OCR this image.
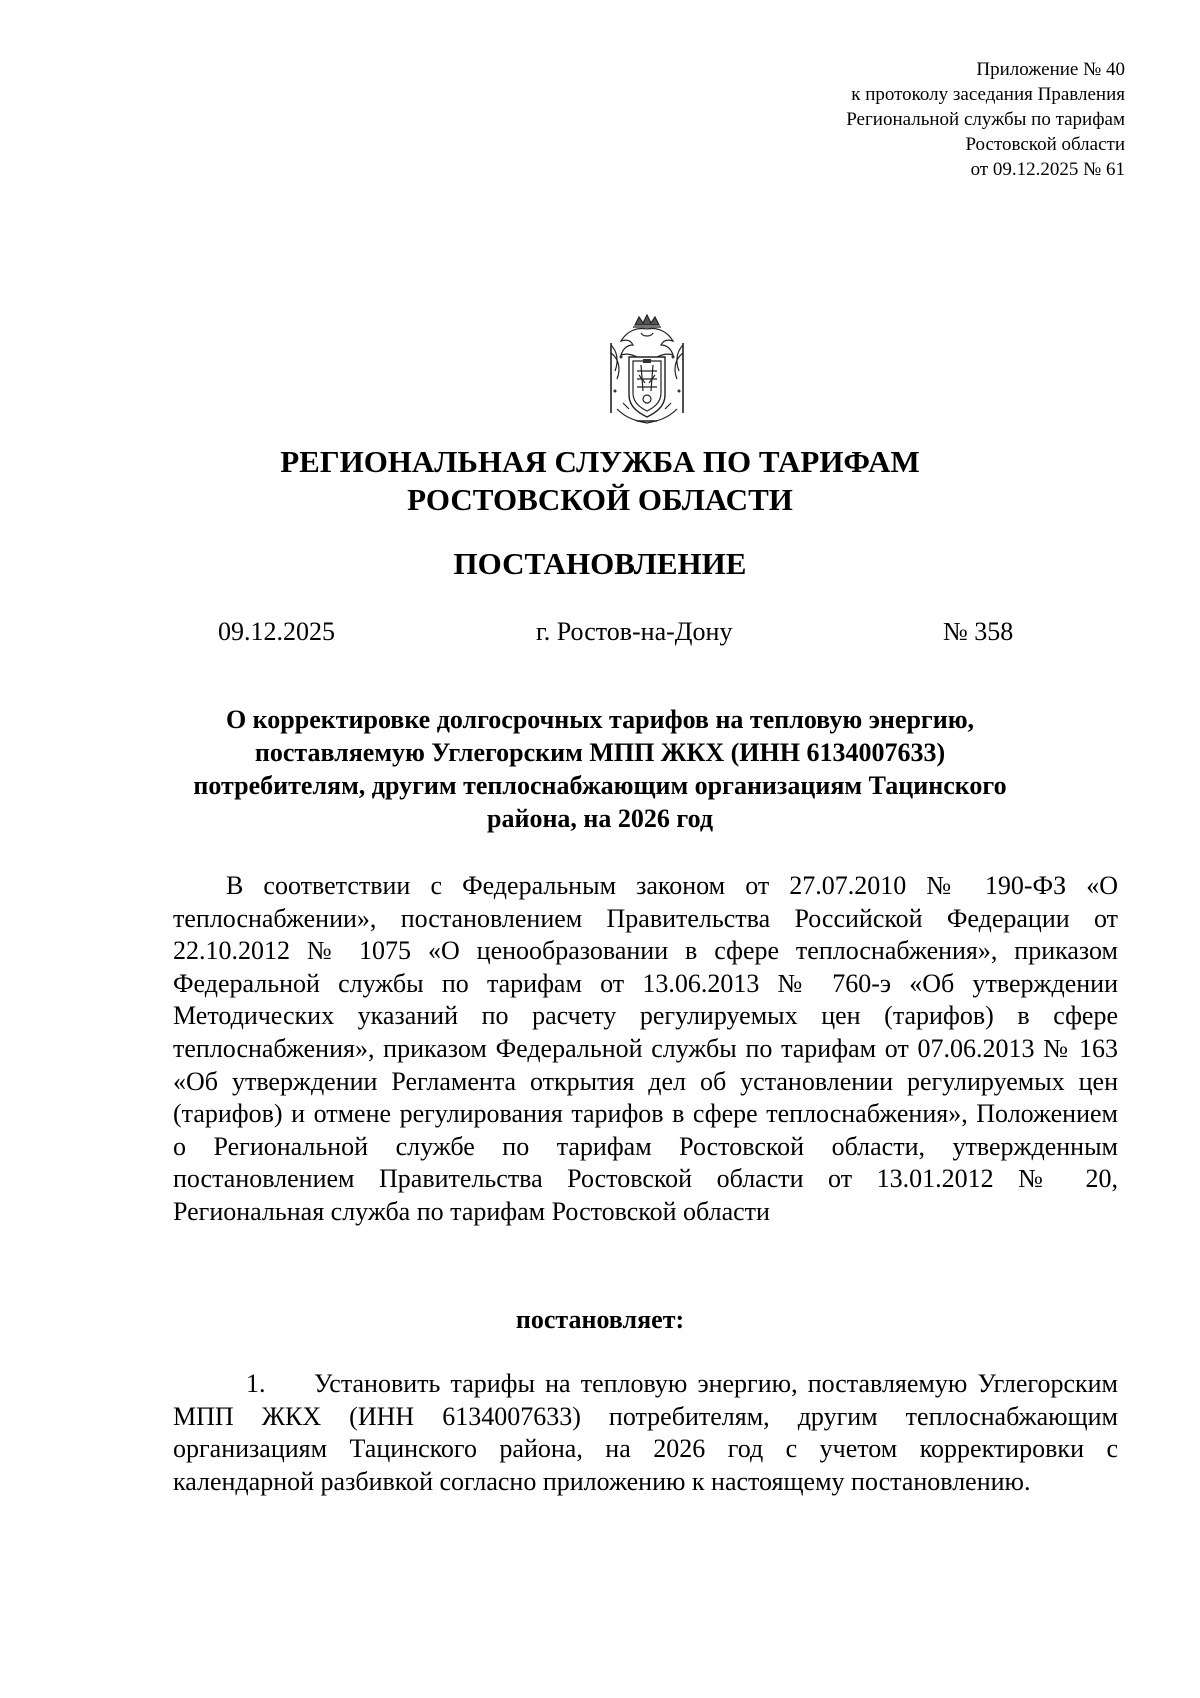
Приложение № 40
к протоколу заседания Правления
Региональной службы по тарифам
Ростовской области
от 09.12.2025 № 61
РЕГИОНАЛЬНАЯ СЛУЖБА ПО ТАРИФАМ
РОСТОВСКОЙ ОБЛАСТИ
ПОСТАНОВЛЕНИЕ
09.12.2025	г. Ростов-на-Дону	№ 358
О корректировке долгосрочных тарифов на тепловую энергию,
поставляемую Углегорским МПП ЖКХ (ИНН 6134007633)
потребителям, другим теплоснабжающим организациям Тацинского
района, на 2026 год

В соответствии с Федеральным законом от 27.07.2010 № 190-ФЗ «О теплоснабжении», постановлением Правительства Российской Федерации от 22.10.2012 № 1075 «О ценообразовании в сфере теплоснабжения», приказом Федеральной службы по тарифам от 13.06.2013 № 760-э «Об утверждении Методических указаний по расчету регулируемых цен (тарифов) в сфере теплоснабжения», приказом Федеральной службы по тарифам от 07.06.2013 № 163 «Об утверждении Регламента открытия дел об установлении регулируемых цен (тарифов) и отмене регулирования тарифов в сфере теплоснабжения», Положением о Региональной службе по тарифам Ростовской области, утвержденным постановлением Правительства Ростовской области от 13.01.2012 № 20, Региональная служба по тарифам Ростовской области

постановляет:

1. Установить тарифы на тепловую энергию, поставляемую Углегорским МПП ЖКХ (ИНН 6134007633) потребителям, другим теплоснабжающим организациям Тацинского района, на 2026 год с учетом корректировки с календарной разбивкой согласно приложению к настоящему постановлению.
